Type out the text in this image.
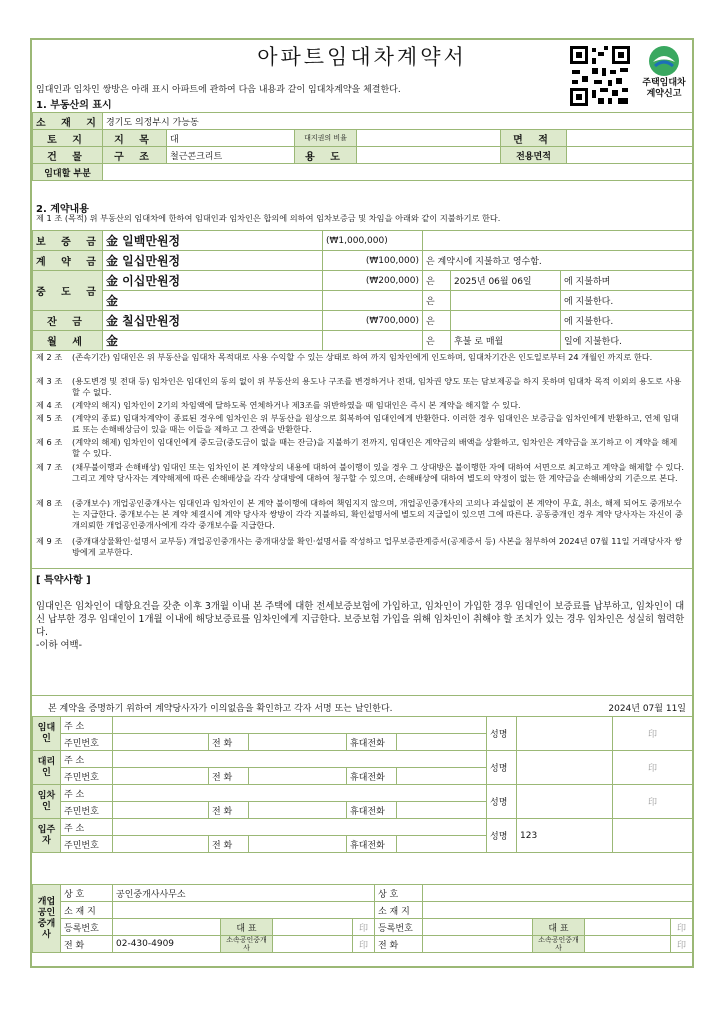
아파트임대차계약서
주택임대차
계약신고
임대인과 임차인 쌍방은 아래 표시 아파트에 관하여 다음 내용과 같이 임대차계약을 체결한다.
1. 부동산의 표시
소 재 지	경기도 의정부시 가능동					
토 지	지 목	대	대지권의 비율		면 적	
건 물	구 조	철근콘크리트	용 도		전용면적	
임대할 부분						
2. 계약내용
제 1 조 (목적) 위 부동산의 임대차에 한하여 임대인과 임차인은 합의에 의하여 임차보증금 및 차임을 아래와 같이 지불하기로 한다.
보 증 금	金 일백만원정	(₩1,000,000)			
계 약 금	金 일십만원정	(₩100,000)	은 계약시에 지불하고 영수함.		
중 도 금	金 이십만원정	(₩200,000)	은	2025년 06월 06일	에 지불하며
	金		은		에 지불한다.
잔 금	金 칠십만원정	(₩700,000)	은		에 지불한다.
월 세	金		은	후불 로 매월	일에 지불한다.
제 2 조 (존속기간) 임대인은 위 부동산을 임대차 목적대로 사용 수익할 수 있는 상태로 하여 까지 임차인에게 인도하며, 임대차기간은 인도일로부터 24 개월인 까지로 한다.
제 3 조 (용도변경 및 전대 등) 임차인은 임대인의 동의 없이 위 부동산의 용도나 구조를 변경하거나 전대, 임차권 양도 또는 담보제공을 하지 못하며 임대차 목적 이외의 용도로 사용할 수 없다.
제 4 조 (계약의 해지) 임차인이 2기의 차임액에 달하도록 연체하거나 제3조를 위반하였을 때 임대인은 즉시 본 계약을 해지할 수 있다.
제 5 조 (계약의 종료) 임대차계약이 종료된 경우에 임차인은 위 부동산을 원상으로 회복하여 임대인에게 반환한다. 이러한 경우 임대인은 보증금을 임차인에게 반환하고, 연체 임대료 또는 손해배상금이 있을 때는 이들을 제하고 그 잔액을 반환한다.
제 6 조 (계약의 해제) 임차인이 임대인에게 중도금(중도금이 없을 때는 잔금)을 지불하기 전까지, 임대인은 계약금의 배액을 상환하고, 임차인은 계약금을 포기하고 이 계약을 해제할 수 있다.
제 7 조 (채무불이행과 손해배상) 임대인 또는 임차인이 본 계약상의 내용에 대하여 불이행이 있을 경우 그 상대방은 불이행한 자에 대하여 서면으로 최고하고 계약을 해제할 수 있다. 그리고 계약 당사자는 계약해제에 따른 손해배상을 각각 상대방에 대하여 청구할 수 있으며, 손해배상에 대하여 별도의 약정이 없는 한 계약금을 손해배상의 기준으로 본다.
제 8 조 (중개보수) 개업공인중개사는 임대인과 임차인이 본 계약 불이행에 대하여 책임지지 않으며, 개업공인중개사의 고의나 과실없이 본 계약이 무효, 취소, 해제 되어도 중개보수는 지급한다. 중개보수는 본 계약 체결시에 계약 당사자 쌍방이 각각 지불하되, 확인설명서에 별도의 지급일이 있으면 그에 따른다. 공동중개인 경우 계약 당사자는 자신이 중개의뢰한 개업공인중개사에게 각각 중개보수를 지급한다.
제 9 조 (중개대상물확인·설명서 교부등) 개업공인중개사는 중개대상물 확인·설명서를 작성하고 업무보증관계증서(공제증서 등) 사본을 첨부하여 2024년 07월 11일 거래당사자 쌍방에게 교부한다.
[ 특약사항 ]
임대인은 임차인이 대항요건을 갖춘 이후 3개월 이내 본 주택에 대한 전세보증보험에 가입하고, 임차인이 가입한 경우 임대인이 보증료를 납부하고, 임차인이 대신 납부한 경우 임대인이 1개월 이내에 해당보증료를 임차인에게 지급한다. 보증보험 가입을 위해 임차인이 취해야 할 조치가 있는 경우 임차인은 성실히 협력한다.
-이하 여백-
본 계약을 증명하기 위하여 계약당사자가 이의없음을 확인하고 각자 서명 또는 날인한다.	2024년 07월 11일
임대인	주 소						성명		印
	주민번호		전 화		휴대전화				
대리인	주 소						성명		印
	주민번호		전 화		휴대전화				
임차인	주 소						성명		印
	주민번호		전 화		휴대전화				
입주자	주 소						성명	123	
	주민번호		전 화		휴대전화				
개업공인중개사	상 호	공인중개사사무소				상 호				
	소 재 지					소 재 지				
	등록번호		대 표		印	등록번호		대 표		印
	전 화	02-430-4909	소속공인중개사		印	전 화		소속공인중개사		印
